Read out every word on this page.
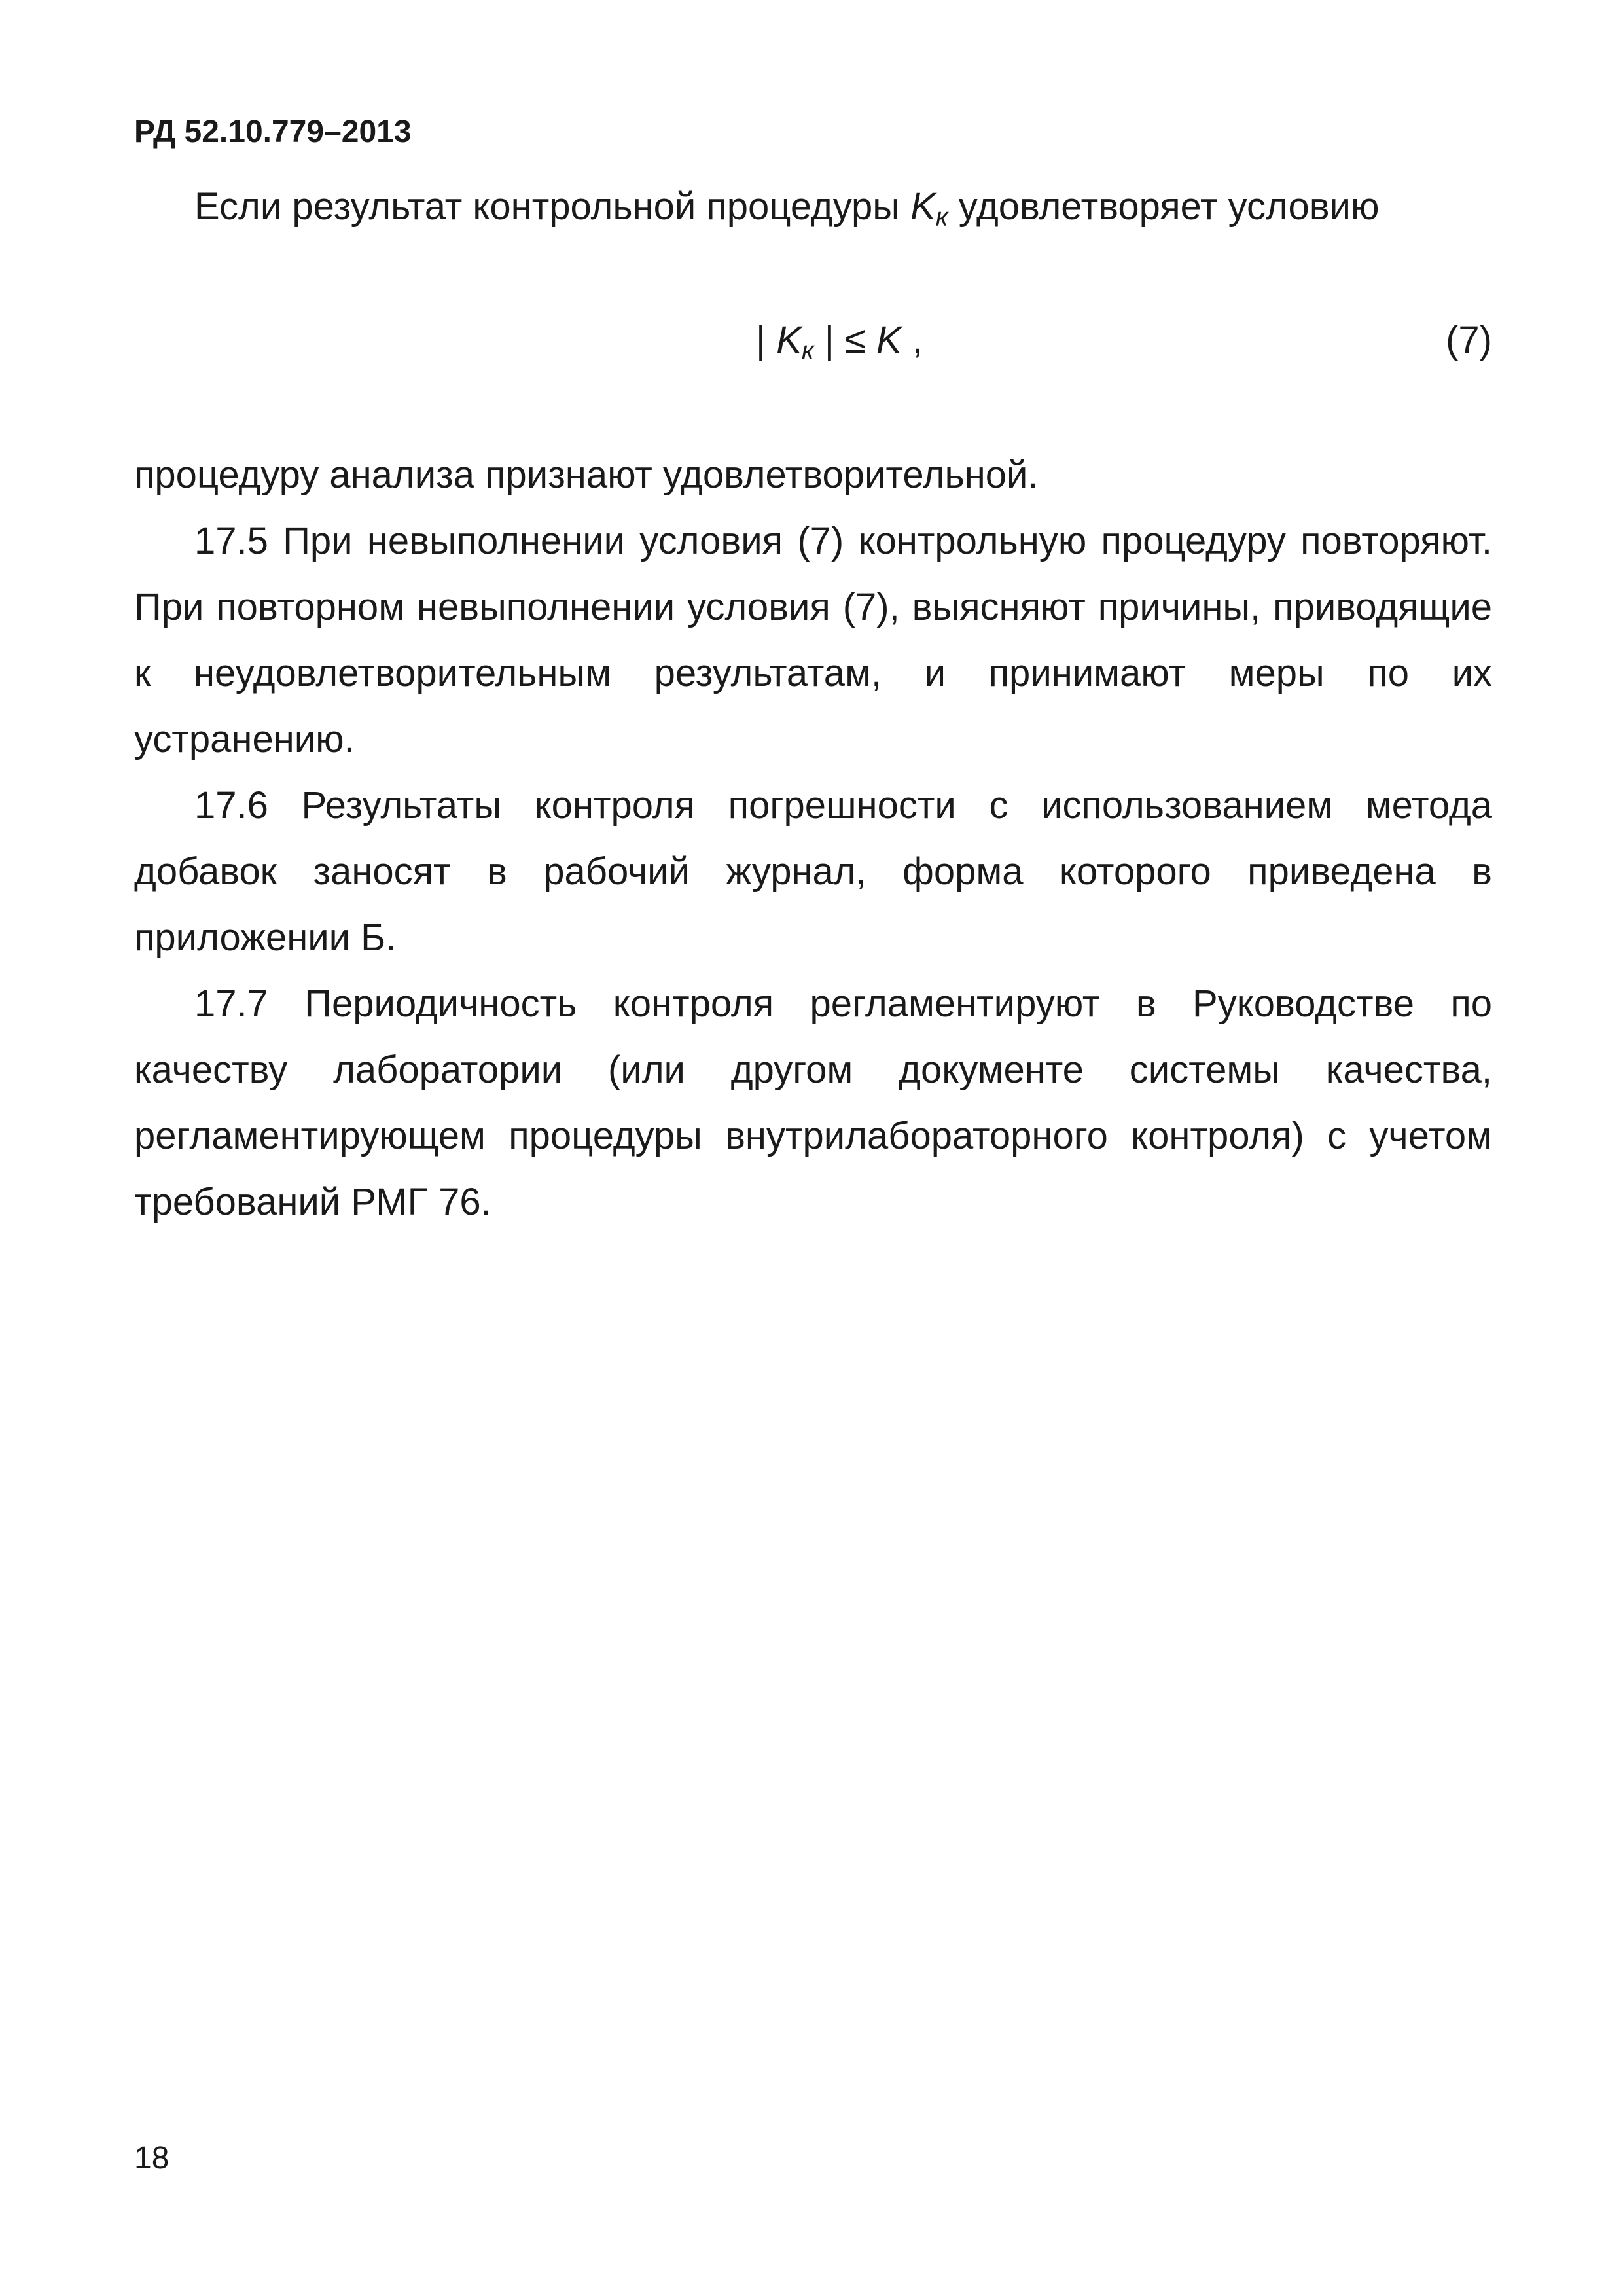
РД 52.10.779–2013

Если результат контрольной процедуры $K_к$ удовлетворяет условию

| $K_к$ | ≤ K ,	(7)

процедуру анализа признают удовлетворительной.

17.5 При невыполнении условия (7) контрольную процедуру повторяют. При повторном невыполнении условия (7), выясняют причины, приводящие к неудовлетворительным результатам, и принимают меры по их устранению.

17.6 Результаты контроля погрешности с использованием метода добавок заносят в рабочий журнал, форма которого приведена в приложении Б.

17.7 Периодичность контроля регламентируют в Руководстве по качеству лаборатории (или другом документе системы качества, регламентирующем процедуры внутрилабораторного контроля) с учетом требований РМГ 76.

18
